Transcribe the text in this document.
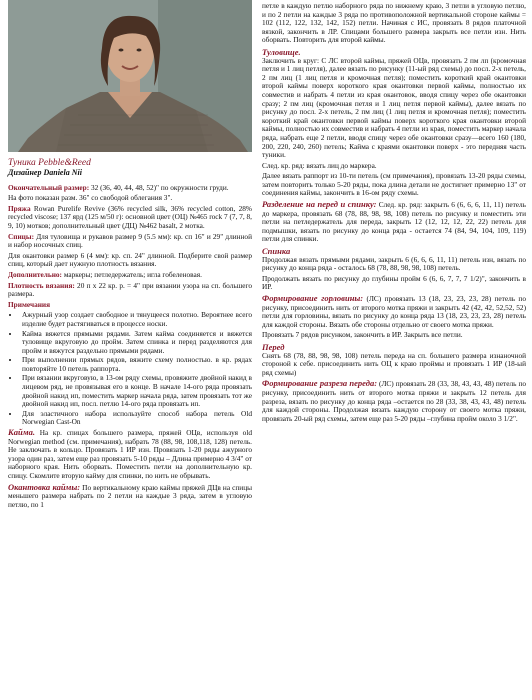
Туника Pebble&Reed
Дизайнер Daniela Nii

Окончательный размер: 32 (36, 40, 44, 48, 52)" по окружности груди.

На фото показан разм. 36" со свободой облегания 3".

Пряжа Rowan Purelife Revive (36% recycled silk, 36% recycled cotton, 28% recycled viscose; 137 ярд (125 м/50 г): основной цвет (ОЦ) №465 rock 7 (7, 7, 8, 9, 10) мотков; дополнительный цвет (ДЦ) №462 basalt, 2 мотка.

Спицы: Для туловища и рукавов размер 9 (5.5 мм): кр. сп 16" и 29" длинной и набор носочных спиц.

Для окантовки размер 6 (4 мм): кр. сп. 24" длинной. Подберите свой размер спиц, который дает нужную плотность вязания.

Дополнительно: маркеры; петледержатель; игла гобеленовая.

Плотность вязания: 20 п х 22 кр. р. = 4" при вязании узора на сп. большего размера.

Примечания

• Ажурный узор создает свободное и тянущееся полотно. Вероятнее всего изделие будет растягиваться в процессе носки.
• Кайма вяжется прямыми рядами. Затем кайма соединяется и вяжется туловище вкруговую до пройм. Затем спинка и перед разделяются для пройм и вяжутся раздельно прямыми рядами.
• При выполнении прямых рядов, вяжите схему полностью. в кр. рядах повторяйте 10 петель раппорта.
• При вязании вкруговую, в 13-ом ряду схемы, провяжите двойной накид в лицевом ряд, не провязывая его в конце. В начале 14-ого ряда провязать двойной накид ип, поместить маркер начала ряда, затем провязать тот же двойной накид ип, посл. петлю 14-ого ряда провязать ип.
• Для эластичного набора используйте способ набора петель Old Norwegian Cast-On

Кайма. На кр. спицах большего размера, пряжей ОЦв, используя old Norwegian method (см. примечания), набрать 78 (88, 98, 108,118, 128) петель. Не заключать в кольцо. Провязать 1 ИР изн. Провязать 1-20 ряды ажурного узора один раз, затем еще раз провязать 5-10 ряды – Длина примерно 4 3/4" от наборного края. Нить оборвать. Поместить петли на дополнительную кр. спицу. Скомлите вторую кайму для спинки, по нить не обрывать.

Окантовка каймы: По вертикальному краю каймы пряжей ДЦв на спицы меньшего размера набрать по 2 петли на каждые 3 ряда, затем в угловую петлю, по 1

петле в каждую петлю наборного ряда по нижнему краю, 3 петли в угловую петлю, и по 2 петли на каждые 3 ряда по противоположной вертикальной стороне каймы = 102 (112, 122, 132, 142, 152) петли. Начиная с ИС, провязать 8 рядов платочной вязкой, закончить в ЛР. Спицами большего размера закрыть все петли изн. Нить оборвать. Повторить для второй каймы.

Туловище.

Заключить в круг: С ЛС второй каймы, пряжей ОЦв, провязать 2 пм лп (кромочная петля и 1 лиц петля), далее вязать по рисунку (11-ый ряд схемы) до посл. 2-х петель, 2 пм лиц (1 лиц петля и кромочная петля); поместить короткий край окантовки второй каймы поверх короткого края окантовки первой каймы, полностью их совместив и набрать 4 петли из края окантовок, вводя спицу через обе окантовки сразу; 2 пм лиц (кромочная петля и 1 лиц петля первой каймы), далее вязать по рисунку до посл. 2-х петель, 2 пм лиц (1 лиц петля и кромочная петля); поместить короткий край окантовки первой каймы поверх короткого края окантовки второй каймы, полностью их совместив и набрать 4 петли из края, поместить маркер начала ряда, набрать еще 2 петли, вводя спицу через обе окантовки сразу—всего 160 (180, 200, 220, 240, 260) петель; Кайма с краями окантовки поверх - это передняя часть туники.

След. кр. ряд: вязать лиц до маркера.

Далее вязать раппорт из 10-ти петель (см примечания), провязать 13-20 ряды схемы, затем повторить только 5-20 ряды, пока длина детали не достигнет примерно 13" от соединения каймы, закончить в 16-ом ряду схемы.

Разделение на перед и спинку: След. кр. ряд: закрыть 6 (6, 6, 6, 11, 11) петель до маркера, провязать 68 (78, 88, 98, 98, 108) петель по рисунку и поместить эти петли на петледержатель для переда, закрыть 12 (12, 12, 12, 22, 22) петель для подмышки, вязать по рисунку до конца ряда - остается 74 (84, 94, 104, 109, 119) петли для спинки.

Спинка

Продолжая вязать прямыми рядами, закрыть 6 (6, 6, 6, 11, 11) петель изн, вязать по рисунку до конца ряда - осталось 68 (78, 88, 98, 98, 108) петель.

Продолжать вязать по рисунку до глубины пройм 6 (6, 6, 7, 7, 7 1/2)", закончить в ИР.

Формирование горловины: (ЛС) провязать 13 (18, 23, 23, 23, 28) петель по рисунку, присоединить нить от второго мотка пряжи и закрыть 42 (42, 42, 52,52, 52) петли для горловины, вязать по рисунку до конца ряда 13 (18, 23, 23, 23, 28) петель для каждой стороны. Вязать обе стороны отдельно от своего мотка пряжи.

Провязать 7 рядов рисунком, закончить в ИР. Закрыть все петли.

Перед

Снять 68 (78, 88, 98, 98, 108) петель переда на сп. большего размера изнаночной стороной к себе. присоединить нить ОЦ к краю проймы и провязать 1 ИР (18-ый ряд схемы)

Формирование разреза переда: (ЛС) провязать 28 (33, 38, 43, 43, 48) петель по рисунку, присоединить нить от второго мотка пряжи и закрыть 12 петель для разреза, вязать по рисунку до конца ряда –остается по 28 (33, 38, 43, 43, 48) петель для каждой стороны. Продолжая вязать каждую сторону от своего мотка пряжи, провязать 20-ый ряд схемы, затем еще раз 5-20 ряды –глубина пройм около 3 1/2".
